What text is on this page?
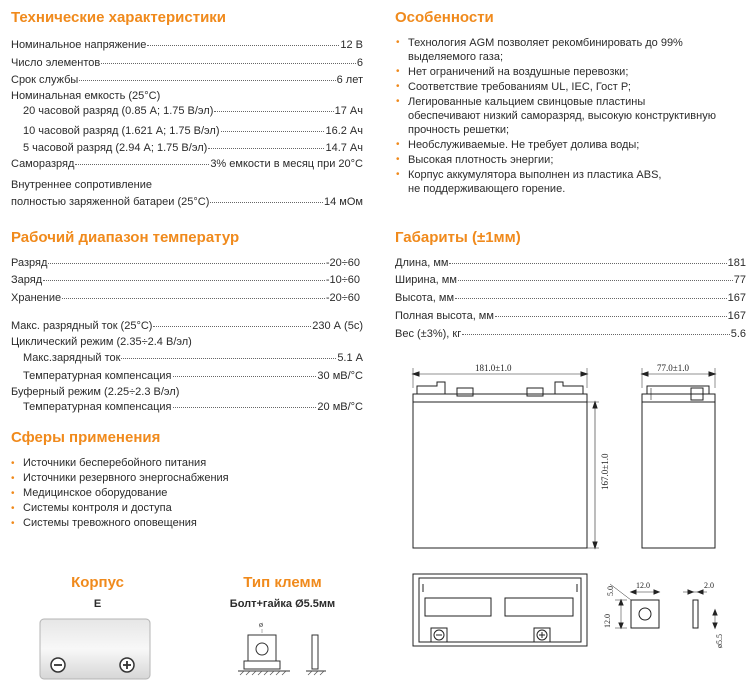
Технические характеристики
Номинальное напряжение	12 В
Число элементов	6
Срок службы	6 лет
Номинальная емкость (25°C)
20 часовой разряд (0.85 A; 1.75 В/эл)	17 Ач
10 часовой разряд (1.621 A; 1.75 В/эл)	16.2 Ач
5 часовой разряд (2.94 A; 1.75 В/эл)	14.7 Ач
Саморазряд	3% емкости в месяц при 20°C
Внутреннее сопротивление
полностью заряженной батареи (25°C)	14 мОм
Рабочий диапазон температур
Разряд	-20÷60
Заряд	-10÷60
Хранение	-20÷60
Макс. разрядный ток (25°C)	230 А (5с)
Циклический режим (2.35÷2.4 В/эл)
Макс.зарядный ток	5.1 А
Температурная компенсация	30 мВ/°C
Буферный режим (2.25÷2.3 В/эл)
Температурная компенсация	20 мВ/°C
Сферы применения
• Источники бесперебойного питания
• Источники резервного энергоснабжения
• Медицинское оборудование
• Системы контроля и доступа
• Системы тревожного оповещения
Корпус
E
Тип клемм
Болт+гайка Ø5.5мм
ø
Особенности
• Технология AGM позволяет рекомбинировать до 99%
выделяемого газа;
• Нет ограничений на воздушные перевозки;
• Соответствие требованиям UL, IEC, Гост Р;
• Легированные кальцием свинцовые пластины
обеспечивают низкий саморазряд, высокую конструктивную
прочность решетки;
• Необслуживаемые. Не требует долива воды;
• Высокая плотность энергии;
• Корпус аккумулятора выполнен из пластика ABS,
не поддерживающего горение.
Габариты (±1мм)
Длина, мм	181
Ширина, мм	77
Высота, мм	167
Полная высота, мм	167
Вес (±3%), кг	5.6
181.0±1.0	77.0±1.0
167.0±1.0
12.0
12.0
5.0
2.0
ø5.5
